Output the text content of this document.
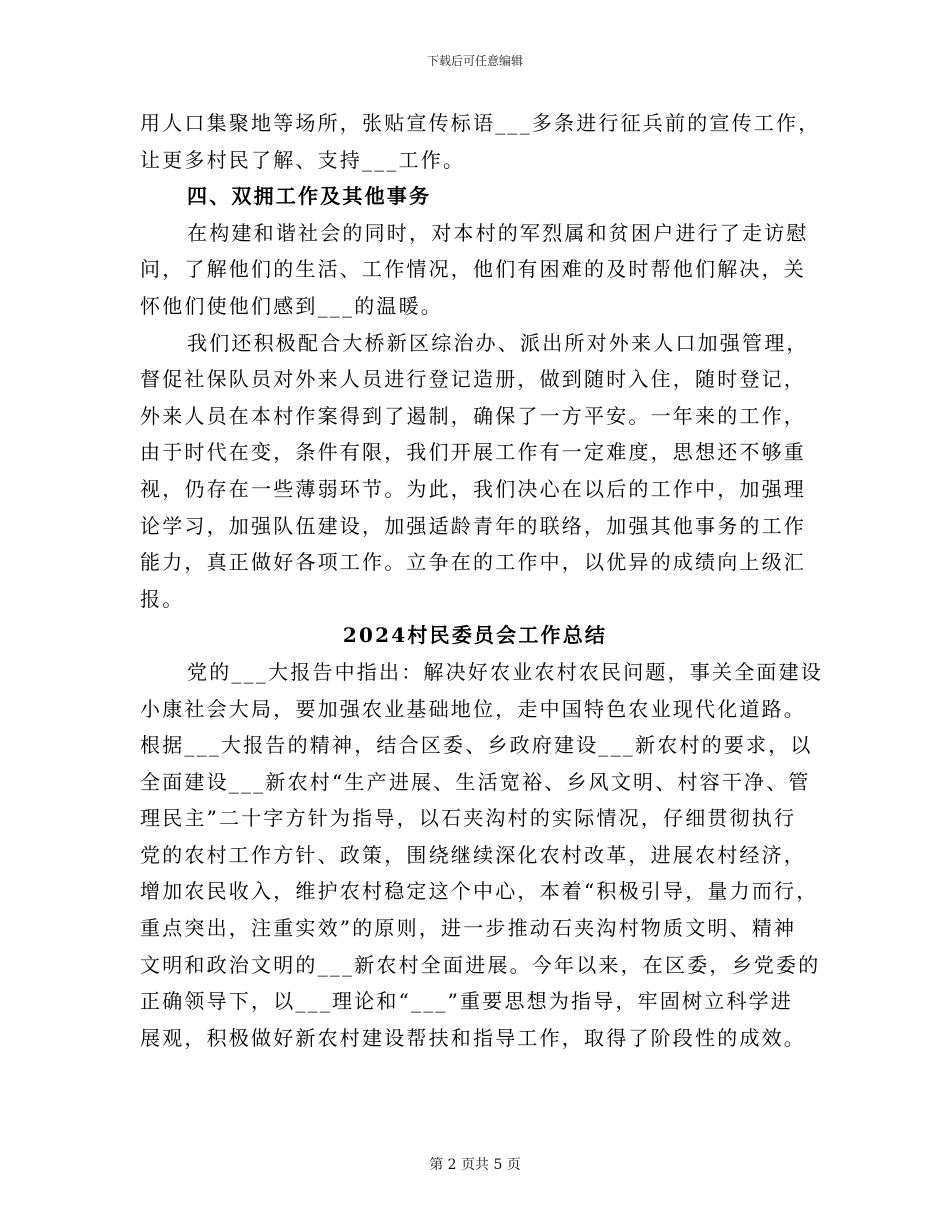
下载后可任意编辑
用人口集聚地等场所，张贴宣传标语___多条进行征兵前的宣传工作，
让更多村民了解、支持___工作。
四、双拥工作及其他事务
在构建和谐社会的同时，对本村的军烈属和贫困户进行了走访慰
问，了解他们的生活、工作情况，他们有困难的及时帮他们解决，关
怀他们使他们感到___的温暖。
我们还积极配合大桥新区综治办、派出所对外来人口加强管理，
督促社保队员对外来人员进行登记造册，做到随时入住，随时登记，
外来人员在本村作案得到了遏制，确保了一方平安。一年来的工作，
由于时代在变，条件有限，我们开展工作有一定难度，思想还不够重
视，仍存在一些薄弱环节。为此，我们决心在以后的工作中，加强理
论学习，加强队伍建设，加强适龄青年的联络，加强其他事务的工作
能力，真正做好各项工作。立争在的工作中，以优异的成绩向上级汇
报。
2024村民委员会工作总结
党的___大报告中指出：解决好农业农村农民问题，事关全面建设
小康社会大局，要加强农业基础地位，走中国特色农业现代化道路。
根据___大报告的精神，结合区委、乡政府建设___新农村的要求，以
全面建设___新农村“生产进展、生活宽裕、乡风文明、村容干净、管
理民主”二十字方针为指导，以石夹沟村的实际情况，仔细贯彻执行
党的农村工作方针、政策，围绕继续深化农村改革，进展农村经济，
增加农民收入，维护农村稳定这个中心，本着“积极引导，量力而行，
重点突出，注重实效”的原则，进一步推动石夹沟村物质文明、精神
文明和政治文明的___新农村全面进展。今年以来，在区委，乡党委的
正确领导下，以___理论和“___”重要思想为指导，牢固树立科学进
展观，积极做好新农村建设帮扶和指导工作，取得了阶段性的成效。
第 2 页共 5 页
